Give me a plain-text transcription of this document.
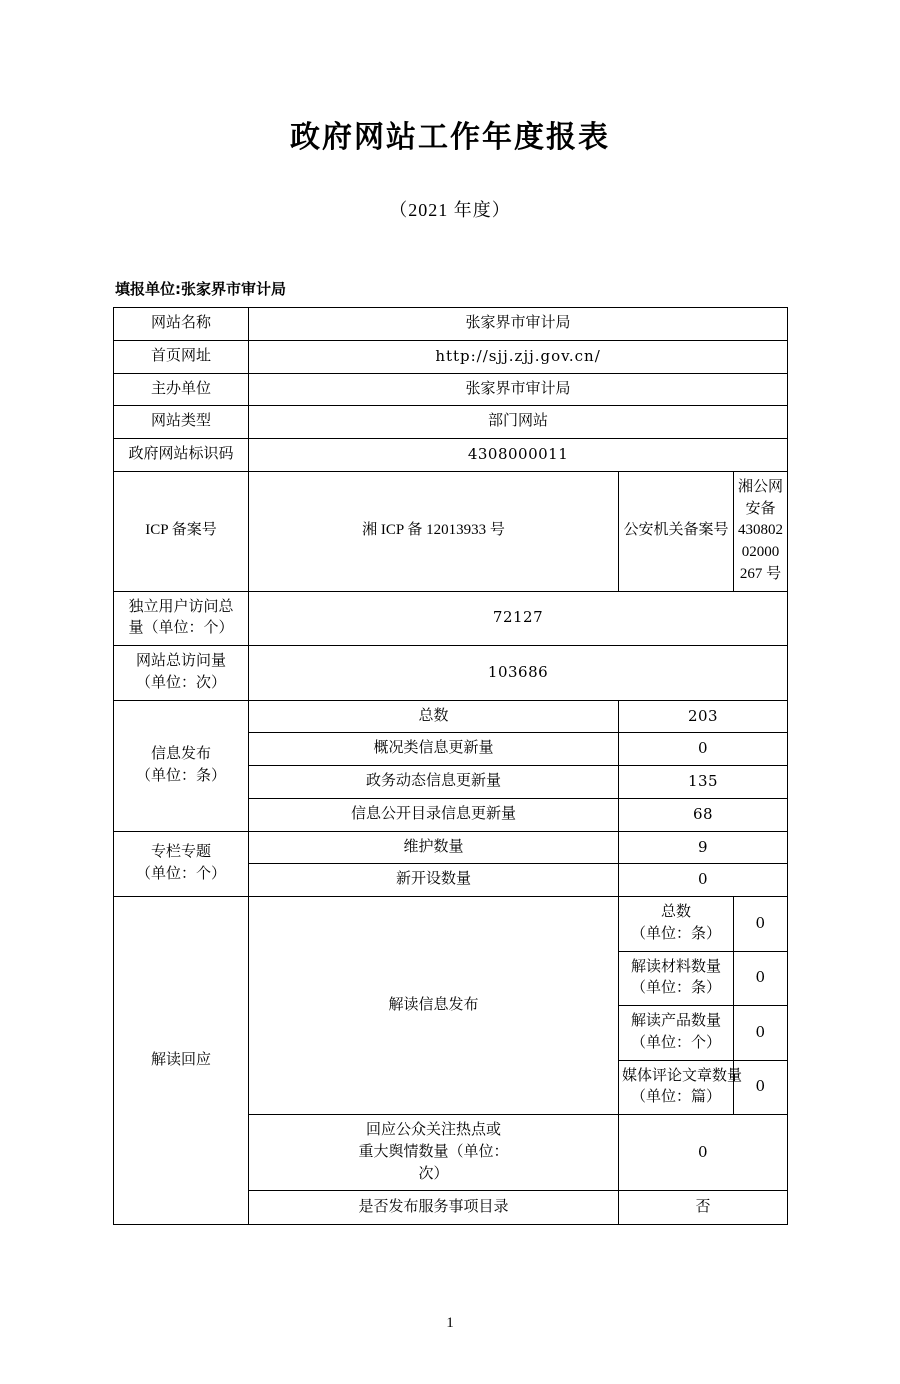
政府网站工作年度报表
（2021 年度）
填报单位:张家界市审计局
网站名称	张家界市审计局		
首页网址	http://sjj.zjj.gov.cn/		
主办单位	张家界市审计局		
网站类型	部门网站		
政府网站标识码	4308000011		
ICP 备案号	湘 ICP 备 12013933 号	公安机关备案号	湘公网安备
43080202000
267 号
独立用户访问总
量（单位：个）	72127		
网站总访问量
（单位：次）	103686		
信息发布
（单位：条）	总数	203	
	概况类信息更新量	0	
	政务动态信息更新量	135	
	信息公开目录信息更新量	68	
专栏专题
（单位：个）	维护数量	9	
	新开设数量	0	
解读回应	解读信息发布	总数
（单位：条）	0
		解读材料数量
（单位：条）	0
		解读产品数量
（单位：个）	0
		媒体评论文章数量
（单位：篇）	0
	回应公众关注热点或
重大舆情数量（单位：
次）	0	
	是否发布服务事项目录	否	
1
